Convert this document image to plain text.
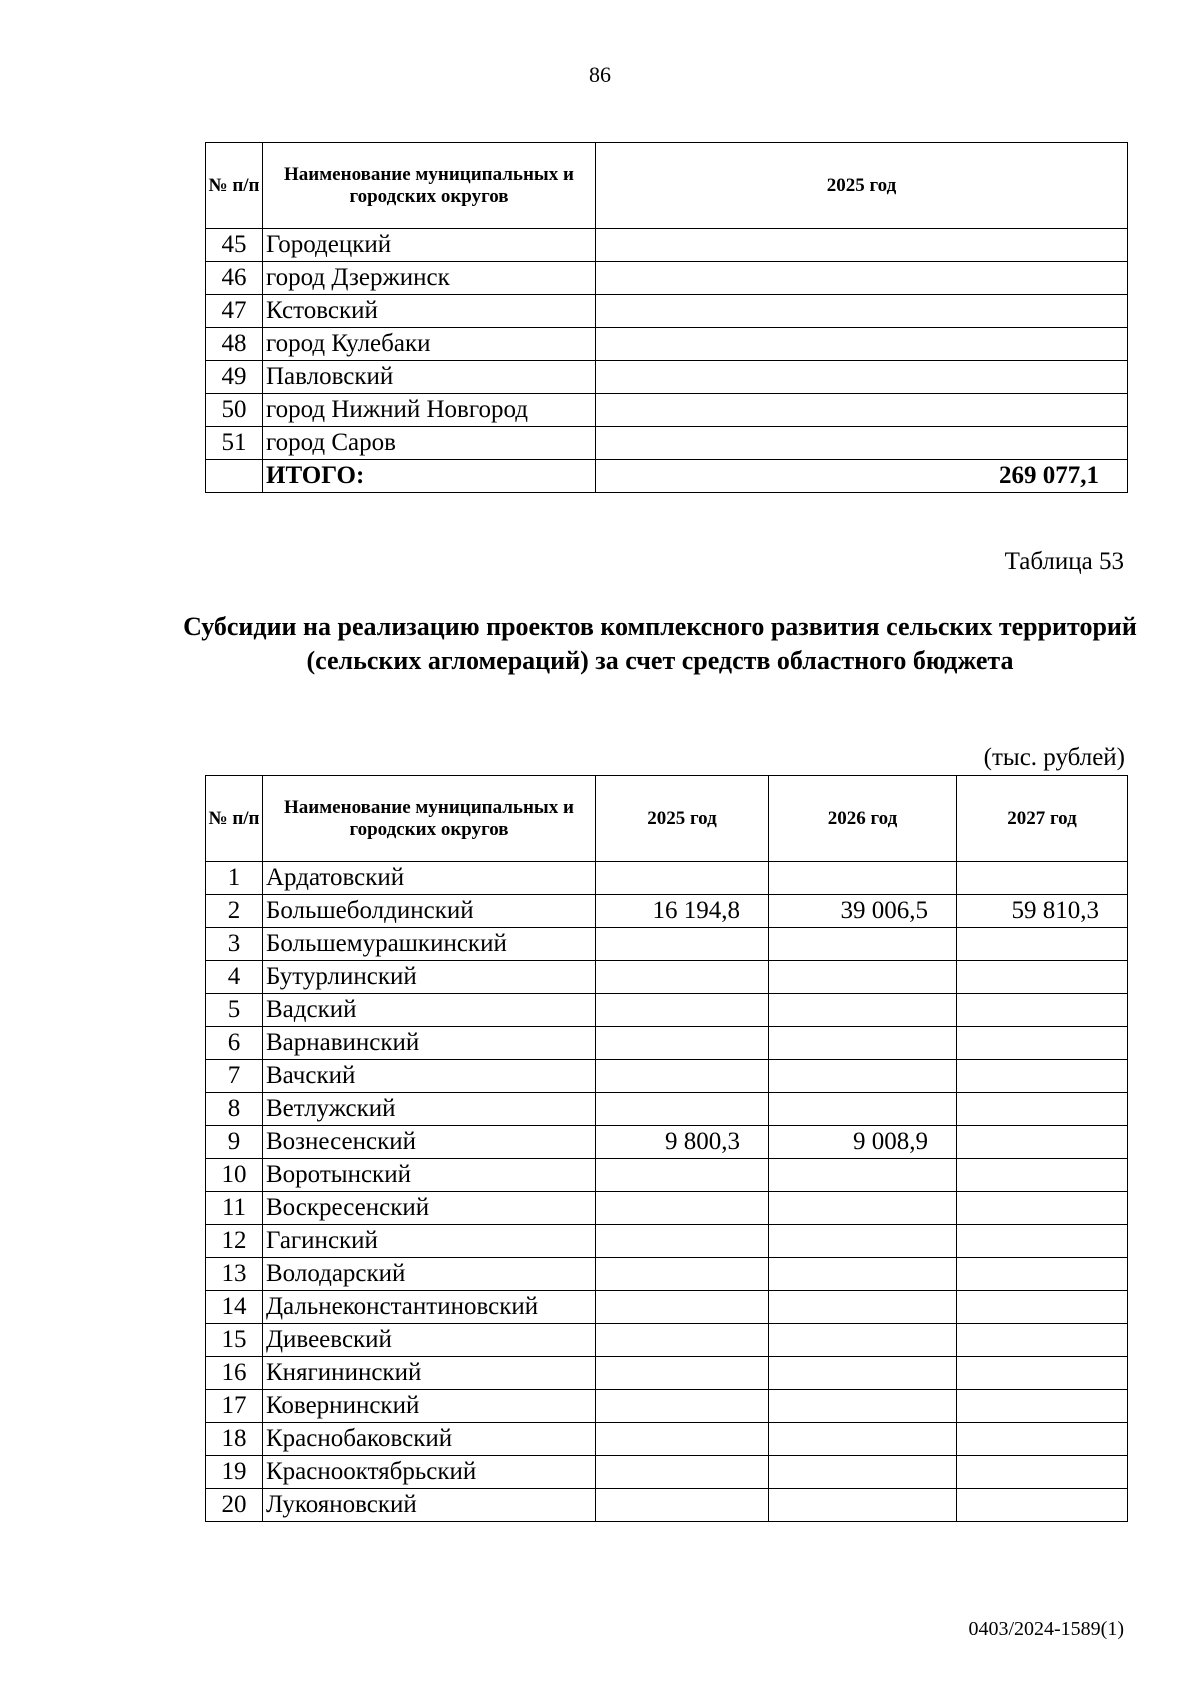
86
№ п/п	Наименование муниципальных и городских округов	2025 год
45	Городецкий	
46	город Дзержинск	
47	Кстовский	
48	город Кулебаки	
49	Павловский	
50	город Нижний Новгород	
51	город Саров	
	ИТОГО:	269 077,1
Таблица 53
Субсидии на реализацию проектов комплексного развития сельских территорий (сельских агломераций) за счет средств областного бюджета
(тыс. рублей)
№ п/п	Наименование муниципальных и городских округов	2025 год	2026 год	2027 год
1	Ардатовский			
2	Большеболдинский	16 194,8	39 006,5	59 810,3
3	Большемурашкинский			
4	Бутурлинский			
5	Вадский			
6	Варнавинский			
7	Вачский			
8	Ветлужский			
9	Вознесенский	9 800,3	9 008,9	
10	Воротынский			
11	Воскресенский			
12	Гагинский			
13	Володарский			
14	Дальнеконстантиновский			
15	Дивеевский			
16	Княгининский			
17	Ковернинский			
18	Краснобаковский			
19	Краснооктябрьский			
20	Лукояновский			
0403/2024-1589(1)
